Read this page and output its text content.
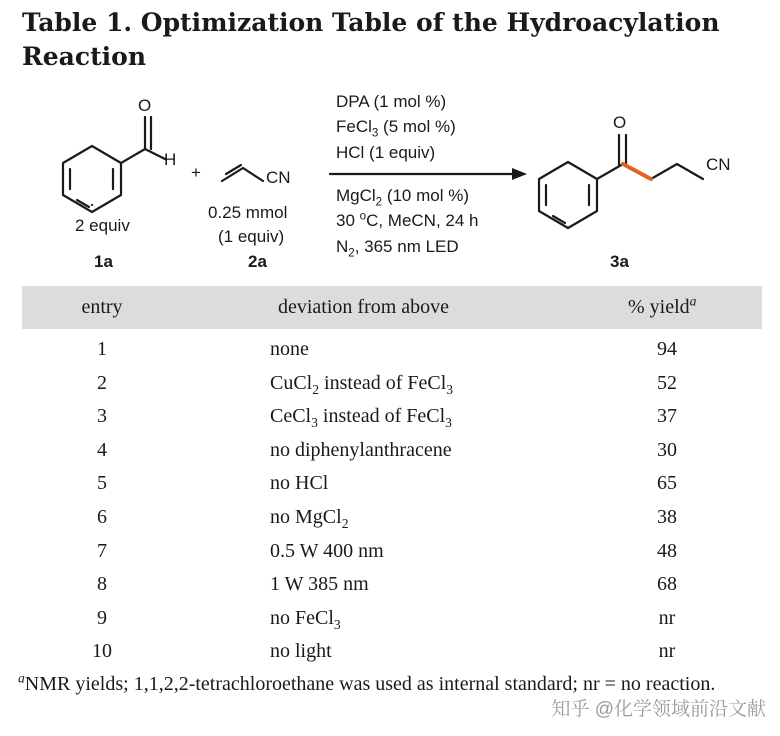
Table 1. Optimization Table of the Hydroacylation Reaction
O
H
+	CN
O
CN
2 equiv
1a
0.25 mmol
(1 equiv)
2a	3a
DPA (1 mol %)
FeCl$_3$ (5 mol %)
HCl (1 equiv)
MgCl$_2$ (10 mol %)
30 $^o$C, MeCN, 24 h
$N_2$, 365 nm LED
entry	deviation from above	% yield$^a$
1	none	94
2	CuCl$_2$ instead of FeCl$_3$	52
3	CeCl$_3$ instead of FeCl$_3$	37
4	no diphenylanthracene	30
5	no HCl	65
6	no MgCl$_2$	38
7	0.5 W 400 nm	48
8	1 W 385 nm	68
9	no FeCl$_3$	nr
10	no light	nr

$^a$NMR yields; 1,1,2,2-tetrachloroethane was used as internal standard; nr = no reaction.

知乎 @化学领域前沿文献
